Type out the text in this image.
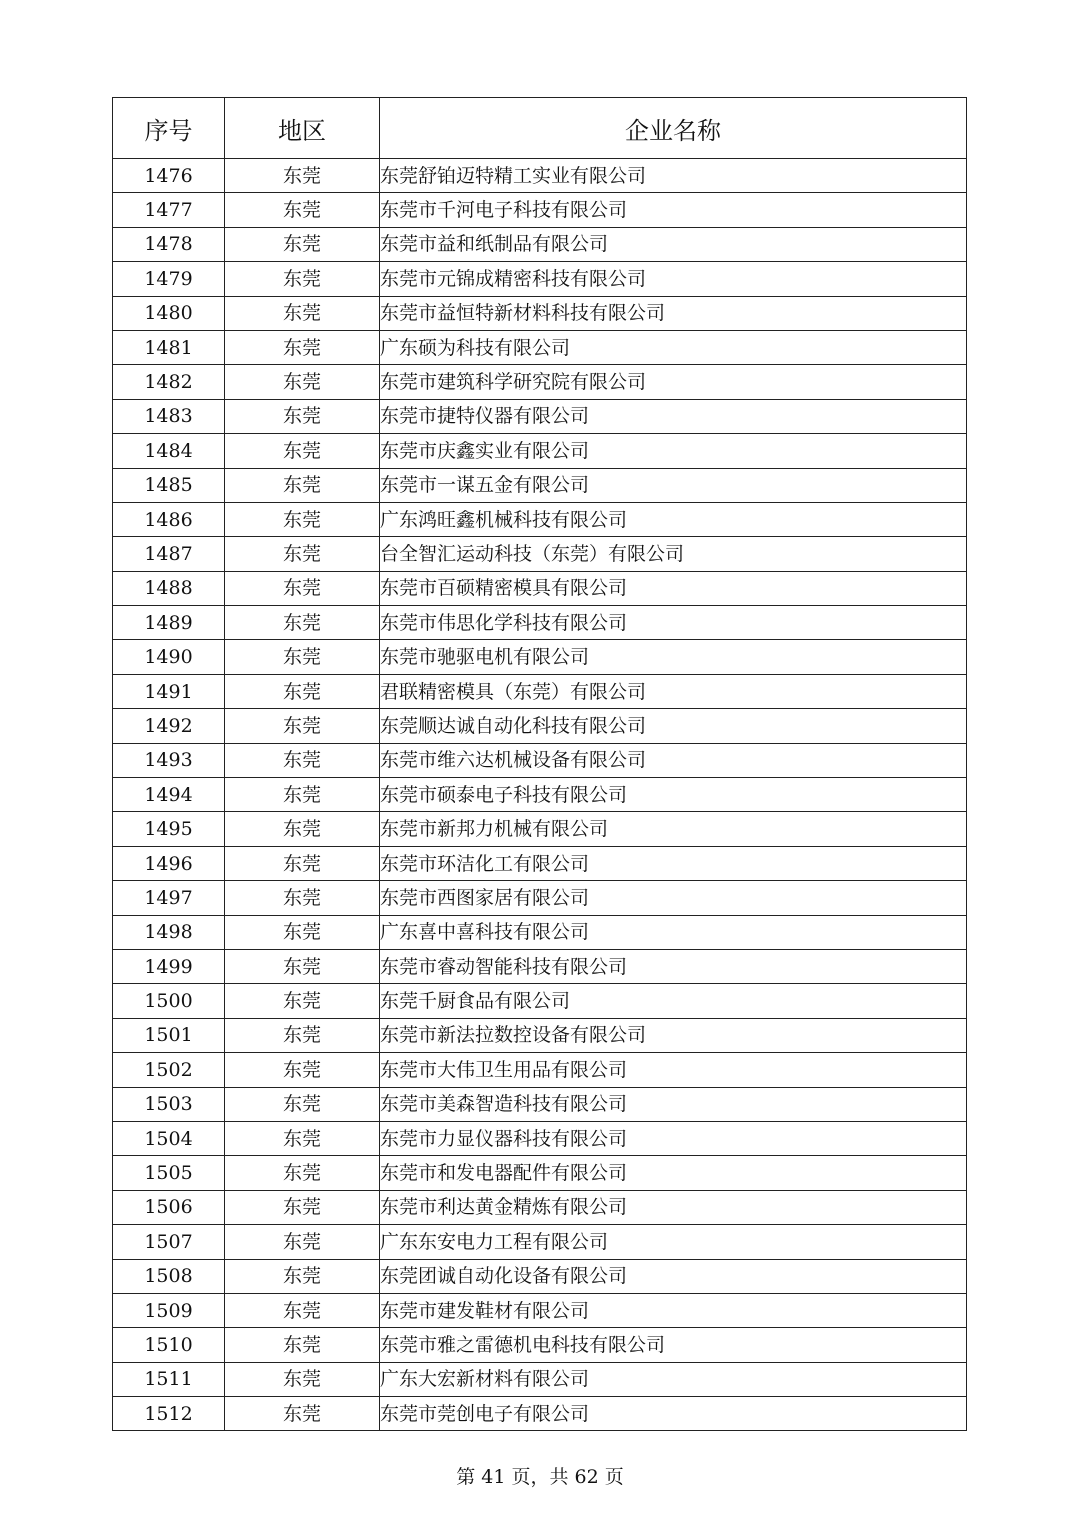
序号	地区	企业名称
1476	东莞	东莞舒铂迈特精工实业有限公司
1477	东莞	东莞市千河电子科技有限公司
1478	东莞	东莞市益和纸制品有限公司
1479	东莞	东莞市元锦成精密科技有限公司
1480	东莞	东莞市益恒特新材料科技有限公司
1481	东莞	广东硕为科技有限公司
1482	东莞	东莞市建筑科学研究院有限公司
1483	东莞	东莞市捷特仪器有限公司
1484	东莞	东莞市庆鑫实业有限公司
1485	东莞	东莞市一谋五金有限公司
1486	东莞	广东鸿旺鑫机械科技有限公司
1487	东莞	台全智汇运动科技（东莞）有限公司
1488	东莞	东莞市百硕精密模具有限公司
1489	东莞	东莞市伟思化学科技有限公司
1490	东莞	东莞市驰驱电机有限公司
1491	东莞	君联精密模具（东莞）有限公司
1492	东莞	东莞顺达诚自动化科技有限公司
1493	东莞	东莞市维六达机械设备有限公司
1494	东莞	东莞市硕泰电子科技有限公司
1495	东莞	东莞市新邦力机械有限公司
1496	东莞	东莞市环洁化工有限公司
1497	东莞	东莞市西图家居有限公司
1498	东莞	广东喜中喜科技有限公司
1499	东莞	东莞市睿动智能科技有限公司
1500	东莞	东莞千厨食品有限公司
1501	东莞	东莞市新法拉数控设备有限公司
1502	东莞	东莞市大伟卫生用品有限公司
1503	东莞	东莞市美森智造科技有限公司
1504	东莞	东莞市力显仪器科技有限公司
1505	东莞	东莞市和发电器配件有限公司
1506	东莞	东莞市利达黄金精炼有限公司
1507	东莞	广东东安电力工程有限公司
1508	东莞	东莞团诚自动化设备有限公司
1509	东莞	东莞市建发鞋材有限公司
1510	东莞	东莞市雅之雷德机电科技有限公司
1511	东莞	广东大宏新材料有限公司
1512	东莞	东莞市莞创电子有限公司
第 41 页，共 62 页
